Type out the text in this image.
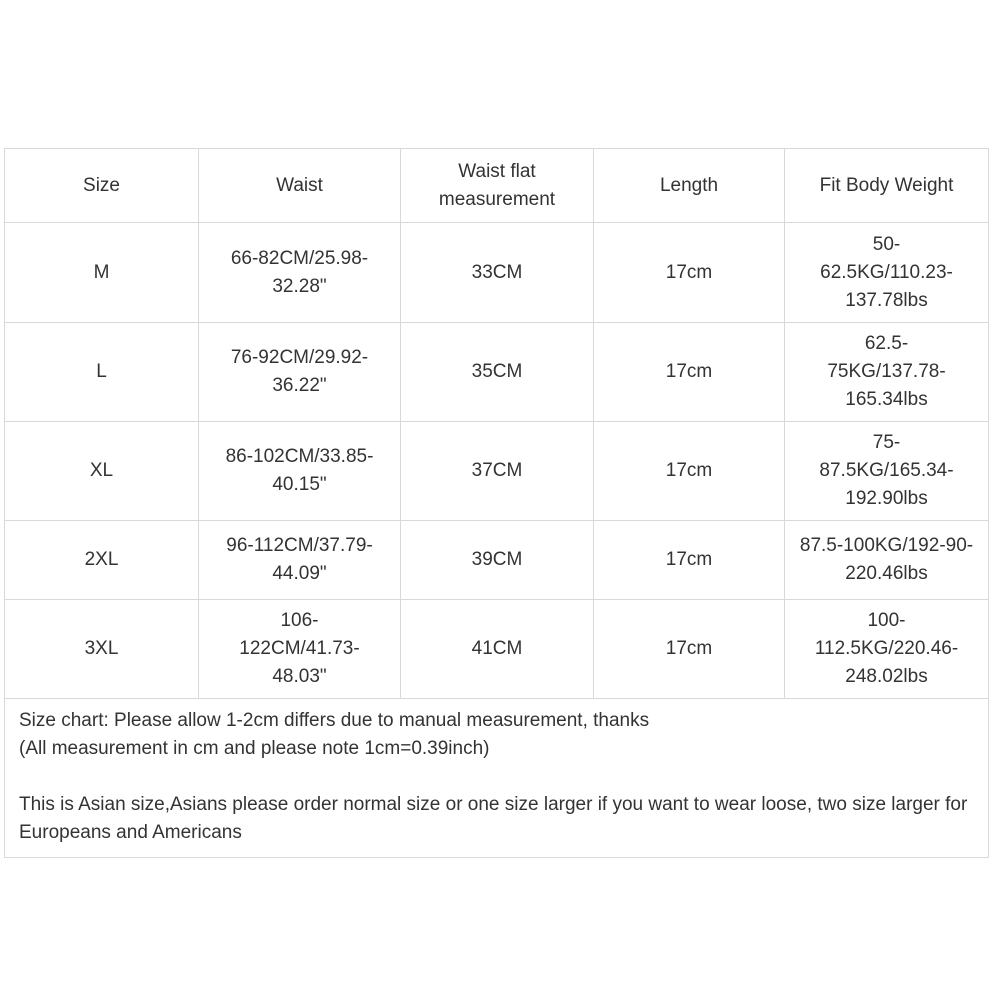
Size	Waist	Waist flat measurement	Length	Fit Body Weight
M	66-82CM/25.98-32.28"	33CM	17cm	50-62.5KG/110.23-137.78lbs
L	76-92CM/29.92-36.22"	35CM	17cm	62.5-75KG/137.78-165.34lbs
XL	86-102CM/33.85-40.15"	37CM	17cm	75-87.5KG/165.34-192.90lbs
2XL	96-112CM/37.79-44.09"	39CM	17cm	87.5-100KG/192-90-220.46lbs
3XL	106-122CM/41.73-48.03"	41CM	17cm	100-112.5KG/220.46-248.02lbs

Size chart: Please allow 1-2cm differs due to manual measurement, thanks
(All measurement in cm and please note 1cm=0.39inch)
This is Asian size,Asians please order normal size or one size larger if you want to wear loose, two size larger for Europeans and Americans				
